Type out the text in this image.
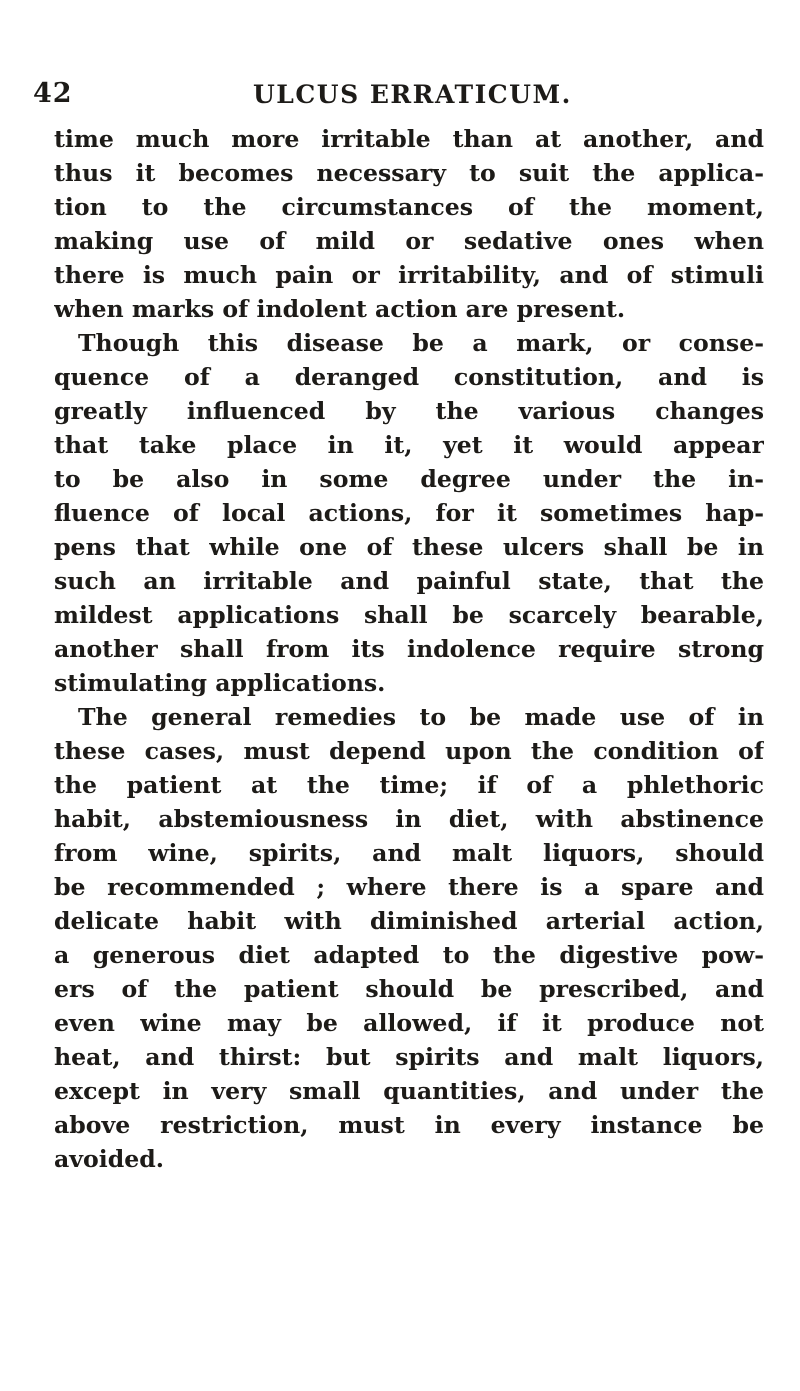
42	ULCUS ERRATICUM.
time much more irritable than at another, and
thus it becomes necessary to suit the applica-
tion to the circumstances of the moment,
making use of mild or sedative ones when
there is much pain or irritability, and of stimuli
when marks of indolent action are present.
Though this disease be a mark, or conse-
quence of a deranged constitution, and is
greatly influenced by the various changes
that take place in it, yet it would appear
to be also in some degree under the in-
fluence of local actions, for it sometimes hap-
pens that while one of these ulcers shall be in
such an irritable and painful state, that the
mildest applications shall be scarcely bearable,
another shall from its indolence require strong
stimulating applications.
The general remedies to be made use of in
these cases, must depend upon the condition of
the patient at the time; if of a phlethoric
habit, abstemiousness in diet, with abstinence
from wine, spirits, and malt liquors, should
be recommended ; where there is a spare and
delicate habit with diminished arterial action,
a generous diet adapted to the digestive pow-
ers of the patient should be prescribed, and
even wine may be allowed, if it produce not
heat, and thirst: but spirits and malt liquors,
except in very small quantities, and under the
above restriction, must in every instance be
avoided.
